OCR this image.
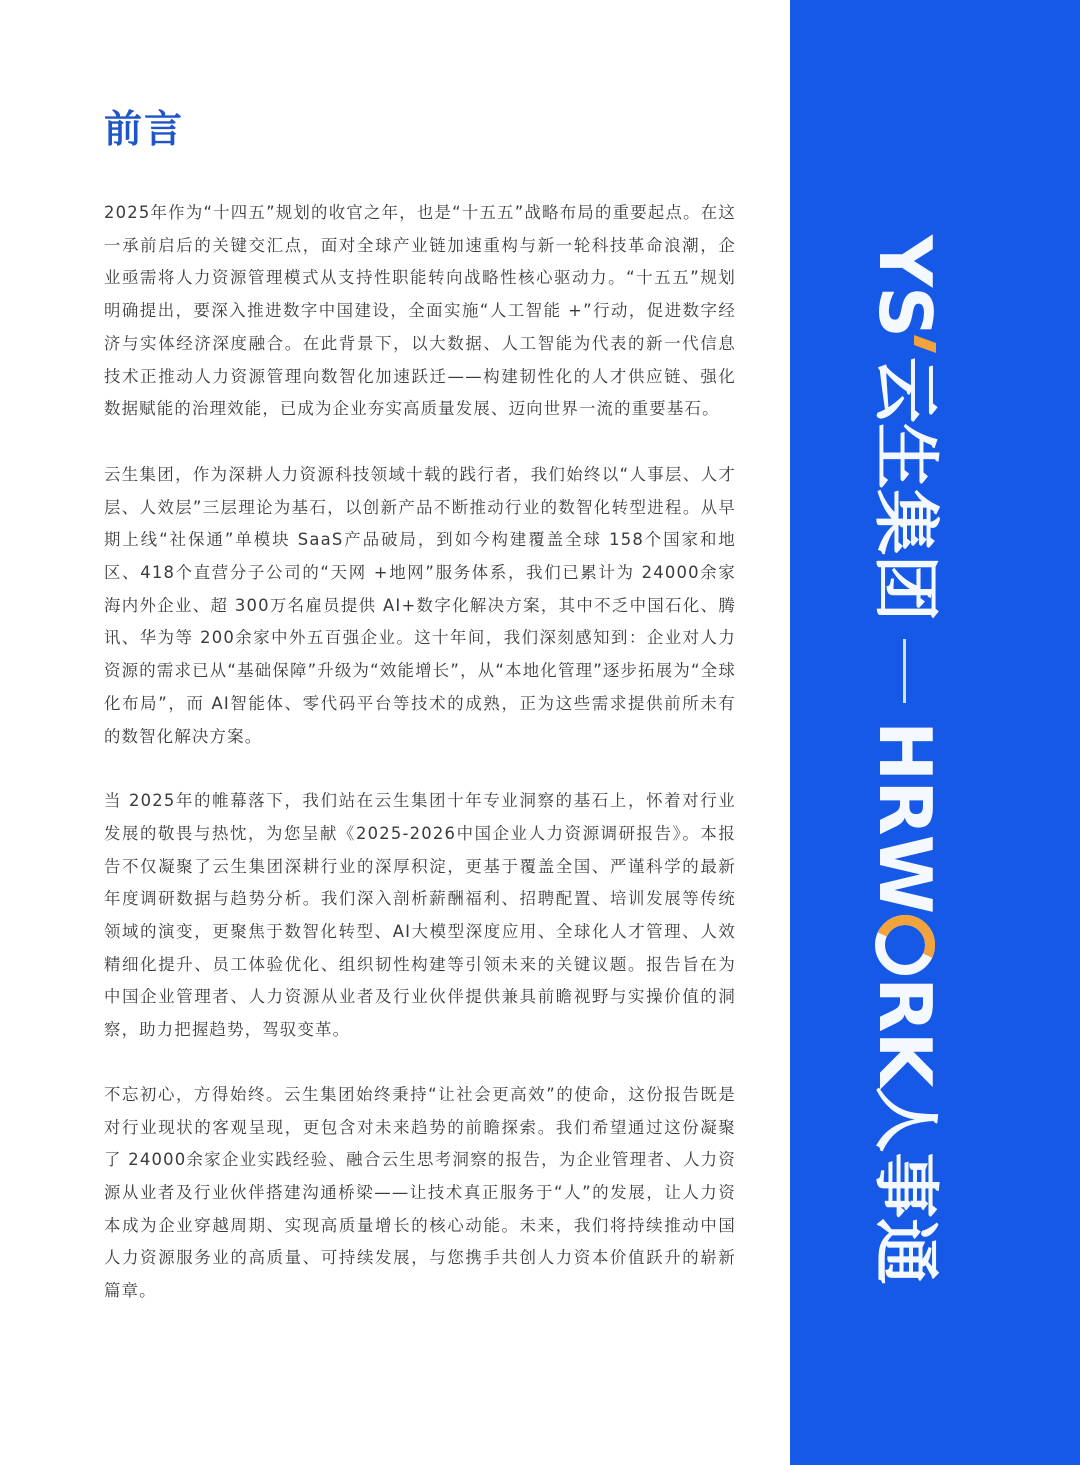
前言

2025年作为“十四五”规划的收官之年，也是“十五五”战略布局的重要起点。在这一承前启后的关键交汇点，面对全球产业链加速重构与新一轮科技革命浪潮，企业亟需将人力资源管理模式从支持性职能转向战略性核心驱动力。“十五五”规划明确提出，要深入推进数字中国建设，全面实施“人工智能 +”行动，促进数字经济与实体经济深度融合。在此背景下，以大数据、人工智能为代表的新一代信息技术正推动人力资源管理向数智化加速跃迁——构建韧性化的人才供应链、强化数据赋能的治理效能，已成为企业夯实高质量发展、迈向世界一流的重要基石。

云生集团，作为深耕人力资源科技领域十载的践行者，我们始终以“人事层、人才层、人效层”三层理论为基石，以创新产品不断推动行业的数智化转型进程。从早期上线“社保通”单模块 SaaS产品破局，到如今构建覆盖全球 158个国家和地区、418个直营分子公司的“天网 +地网”服务体系，我们已累计为 24000余家海内外企业、超 300万名雇员提供 AI+数字化解决方案，其中不乏中国石化、腾讯、华为等 200余家中外五百强企业。这十年间，我们深刻感知到：企业对人力资源的需求已从“基础保障”升级为“效能增长”，从“本地化管理”逐步拓展为“全球化布局”，而 AI智能体、零代码平台等技术的成熟，正为这些需求提供前所未有的数智化解决方案。

当 2025年的帷幕落下，我们站在云生集团十年专业洞察的基石上，怀着对行业发展的敬畏与热忱，为您呈献《2025-2026中国企业人力资源调研报告》。本报告不仅凝聚了云生集团深耕行业的深厚积淀，更基于覆盖全国、严谨科学的最新年度调研数据与趋势分析。我们深入剖析薪酬福利、招聘配置、培训发展等传统领域的演变，更聚焦于数智化转型、AI大模型深度应用、全球化人才管理、人效精细化提升、员工体验优化、组织韧性构建等引领未来的关键议题。报告旨在为中国企业管理者、人力资源从业者及行业伙伴提供兼具前瞻视野与实操价值的洞察，助力把握趋势，驾驭变革。

不忘初心，方得始终。云生集团始终秉持“让社会更高效”的使命，这份报告既是对行业现状的客观呈现，更包含对未来趋势的前瞻探索。我们希望通过这份凝聚了 24000余家企业实践经验、融合云生思考洞察的报告，为企业管理者、人力资源从业者及行业伙伴搭建沟通桥梁——让技术真正服务于“人”的发展，让人力资本成为企业穿越周期、实现高质量增长的核心动能。未来，我们将持续推动中国人力资源服务业的高质量、可持续发展，与您携手共创人力资本价值跃升的崭新篇章。

YS
云生集团
HRW
RK
人事通
